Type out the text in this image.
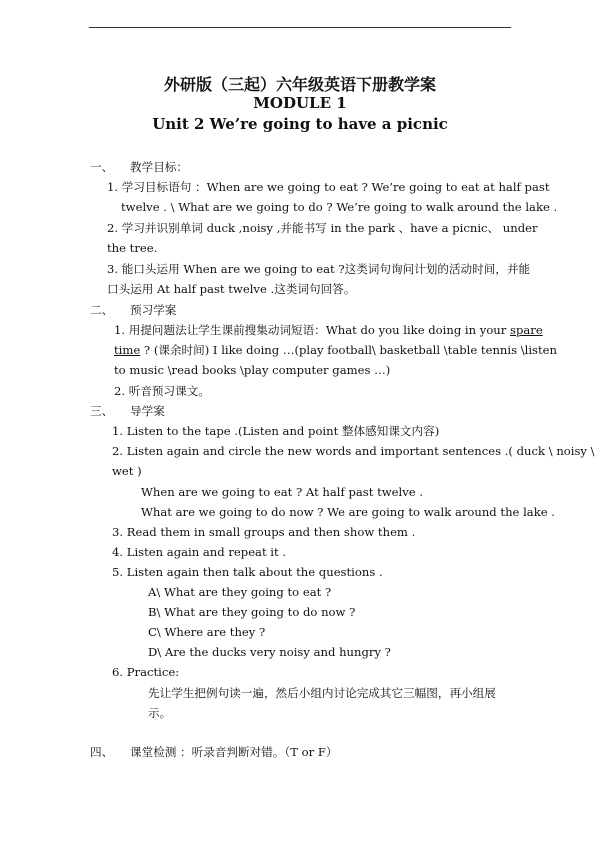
外研版（三起）六年级英语下册教学案
MODULE 1
Unit 2 We’re going to have a picnic
一、 教学目标：
1. 学习目标语句 ：When are we going to eat ? We’re going to eat at half past
twelve . \ What are we going to do ? We’re going to walk around the lake .
2. 学习并识别单词 duck ,noisy ,并能书写 in the park 、have a picnic、 under
the tree.
3. 能口头运用 When are we going to eat ?这类词句询问计划的活动时间，并能
口头运用 At half past twelve .这类词句回答。
二、 预习学案
1. 用提问题法让学生课前搜集动词短语：What do you like doing in your spare
time ? (课余时间) I like doing …(play football\ basketball \table tennis \listen
to music \read books \play computer games …)
2. 听音预习课文。
三、 导学案
1. Listen to the tape .(Listen and point 整体感知课文内容)
2. Listen again and circle the new words and important sentences .( duck \ noisy \
wet )
When are we going to eat ? At half past twelve .
What are we going to do now ? We are going to walk around the lake .
3. Read them in small groups and then show them .
4. Listen again and repeat it .
5. Listen again then talk about the questions .
A\ What are they going to eat ?
B\ What are they going to do now ?
C\ Where are they ?
D\ Are the ducks very noisy and hungry ?
6. Practice:
先让学生把例句读一遍，然后小组内讨论完成其它三幅图，再小组展
示。
四、 课堂检测 ：听录音判断对错。（T or F）
